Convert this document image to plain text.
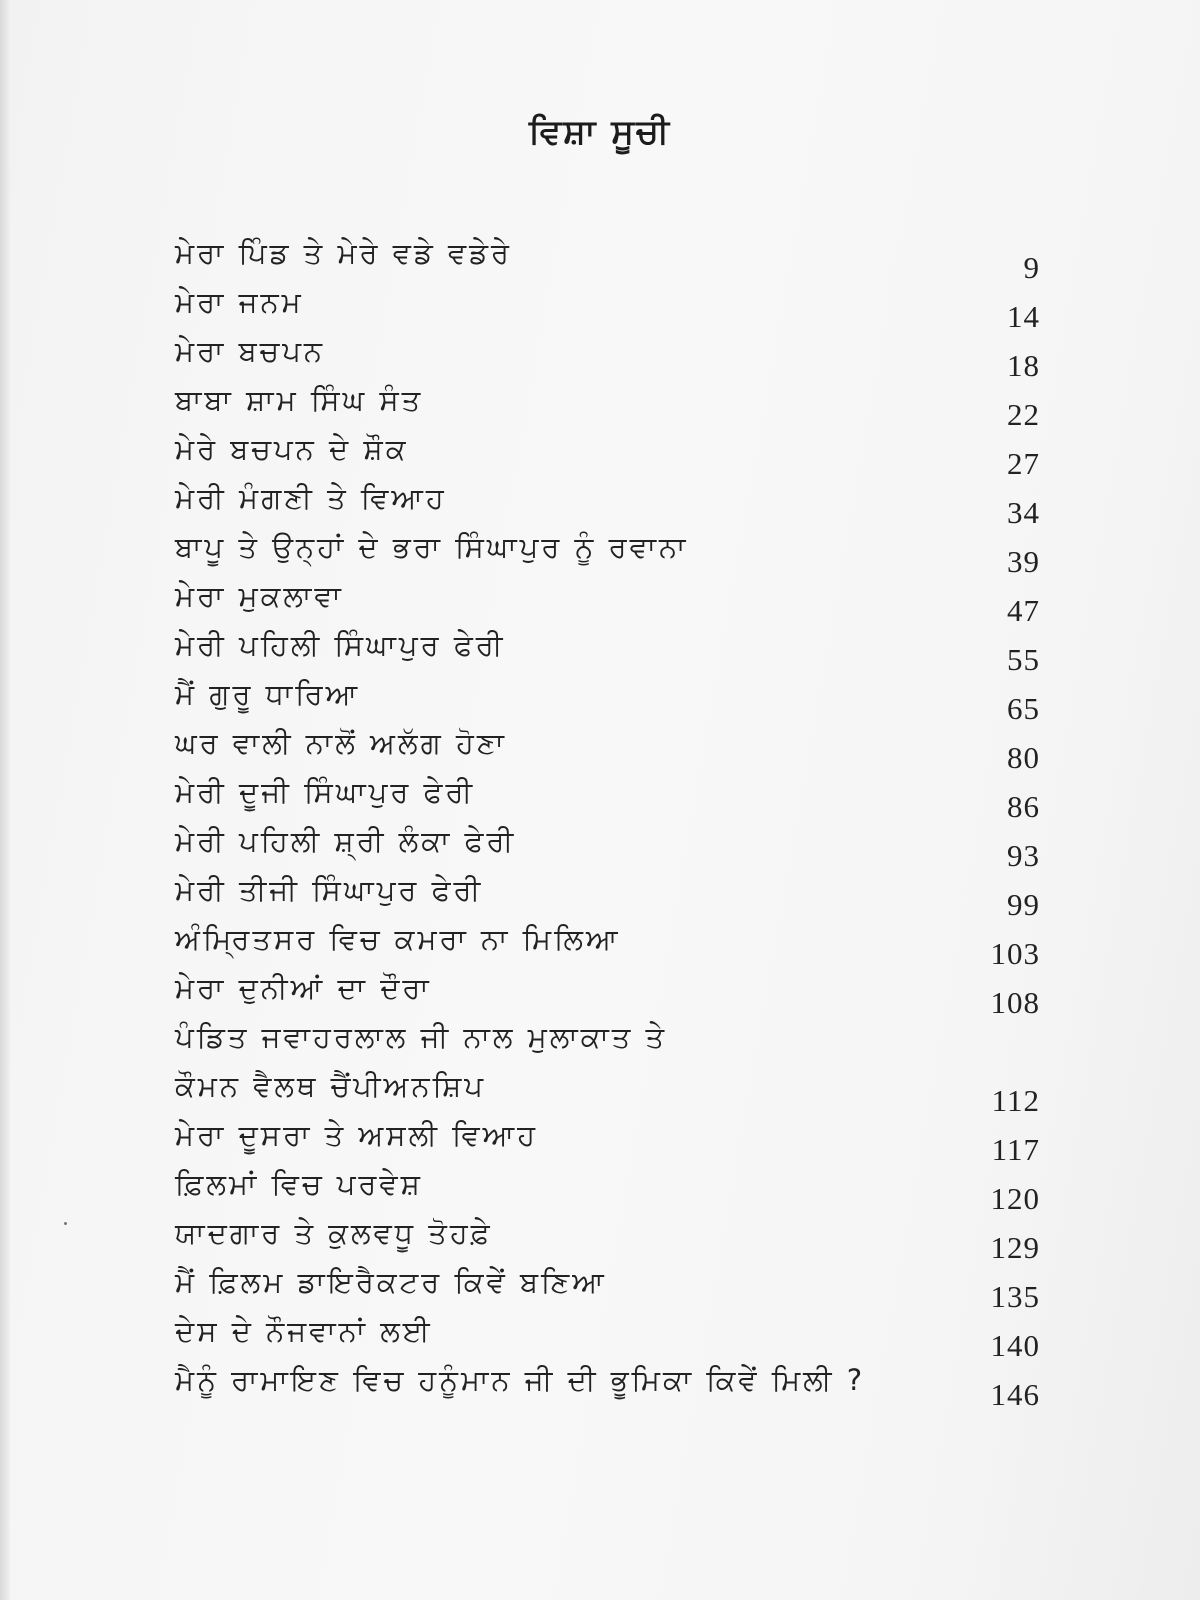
ਵਿਸ਼ਾ ਸੂਚੀ
ਮੇਰਾ ਪਿੰਡ ਤੇ ਮੇਰੇ ਵਡੇ ਵਡੇਰੇ	9
ਮੇਰਾ ਜਨਮ	14
ਮੇਰਾ ਬਚਪਨ	18
ਬਾਬਾ ਸ਼ਾਮ ਸਿੰਘ ਸੰਤ	22
ਮੇਰੇ ਬਚਪਨ ਦੇ ਸ਼ੌਕ	27
ਮੇਰੀ ਮੰਗਣੀ ਤੇ ਵਿਆਹ	34
ਬਾਪੂ ਤੇ ਉਨ੍ਹਾਂ ਦੇ ਭਰਾ ਸਿੰਘਾਪੁਰ ਨੂੰ ਰਵਾਨਾ	39
ਮੇਰਾ ਮੁਕਲਾਵਾ	47
ਮੇਰੀ ਪਹਿਲੀ ਸਿੰਘਾਪੁਰ ਫੇਰੀ	55
ਮੈਂ ਗੁਰੂ ਧਾਰਿਆ	65
ਘਰ ਵਾਲੀ ਨਾਲੋਂ ਅਲੱਗ ਹੋਣਾ	80
ਮੇਰੀ ਦੂਜੀ ਸਿੰਘਾਪੁਰ ਫੇਰੀ	86
ਮੇਰੀ ਪਹਿਲੀ ਸ਼੍ਰੀ ਲੰਕਾ ਫੇਰੀ	93
ਮੇਰੀ ਤੀਜੀ ਸਿੰਘਾਪੁਰ ਫੇਰੀ	99
ਅੰਮ੍ਰਿਤਸਰ ਵਿਚ ਕਮਰਾ ਨਾ ਮਿਲਿਆ	103
ਮੇਰਾ ਦੁਨੀਆਂ ਦਾ ਦੌਰਾ	108
ਪੰਡਿਤ ਜਵਾਹਰਲਾਲ ਜੀ ਨਾਲ ਮੁਲਾਕਾਤ ਤੇ
ਕੌਮਨ ਵੈਲਥ ਚੈਂਪੀਅਨਸ਼ਿਪ	112
ਮੇਰਾ ਦੂਸਰਾ ਤੇ ਅਸਲੀ ਵਿਆਹ	117
ਫ਼ਿਲਮਾਂ ਵਿਚ ਪਰਵੇਸ਼	120
ਯਾਦਗਾਰ ਤੇ ਕੁਲਵਧੂ ਤੋਹਫ਼ੇ	129
ਮੈਂ ਫ਼ਿਲਮ ਡਾਇਰੈਕਟਰ ਕਿਵੇਂ ਬਣਿਆ	135
ਦੇਸ ਦੇ ਨੌਜਵਾਨਾਂ ਲਈ	140
ਮੈਨੂੰ ਰਾਮਾਇਣ ਵਿਚ ਹਨੂੰਮਾਨ ਜੀ ਦੀ ਭੂਮਿਕਾ ਕਿਵੇਂ ਮਿਲੀ ?	146
